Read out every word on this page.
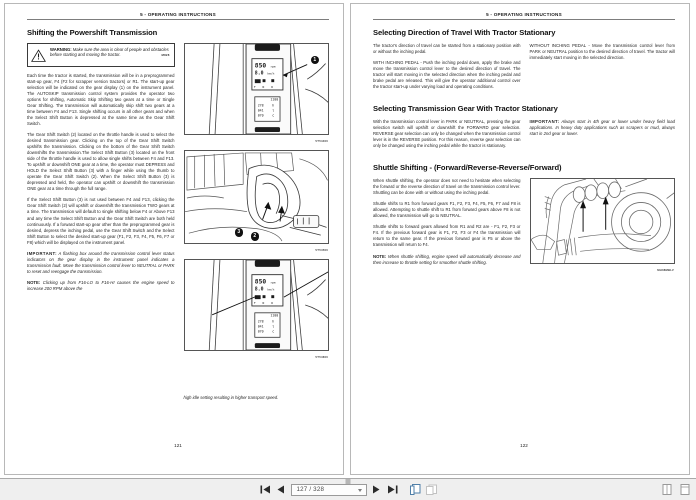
5 - OPERATING INSTRUCTIONS
Shifting the Powershift Transmission
WARNING: Make sure the area is clear of people and obstacles before starting and moving the tractor.	M828

Each time the tractor is started, the transmission will be in a preprogrammed start-up gear, F4 (F2 for scrapper version tractors) or R1. The start-up gear selection will be indicated on the gear display (1) on the instrument panel. The AUTOSKIP transmission control system provides the operator two options for shifting, Automatic Skip Shifting two gears at a time or Single Gear Shifting. The transmission will automatically skip shift two gears at a time between F4 and F13. Single shifting occurs in all other gears and when the Select Shift Button is depressed at the same time as the Gear Shift Switch.

The Gear Shift Switch (2) located on the throttle handle is used to select the desired transmission gear. Clicking on the top of the Gear Shift Switch upshifts the transmission. Clicking on the bottom of the Gear Shift Switch downshifts the transmission.The Select Shift Button (3) located on the front side of the throttle handle is used to allow single shifts between F4 and F13. To upshift or downshift ONE gear at a time, the operator must DEPRESS and HOLD the Select Shift Button (3) with a finger while using the thumb to operate the Gear Shift Switch (2). When the Select Shift Button (3) is depressed and held, the operator can upshift or downshift the transmission ONE gear at a time through the full range.

If the Select Shift Button (3) is not used between F4 and F13, clicking the Gear Shift Switch (2) will upshift or downshift the transmission TWO gears at a time. The transmission will default to single shifting below F4 or Above F13 and any time the Select Shift Button and the Gear Shift Switch are both held continuously. If a forward start-up gear other than the preprogrammed gear is desired, depress the inching pedal, use the Gear Shift Switch and the Select Shift Button to select the desired start-up gear (F1, F2, F3, F4, F5, F6, F7 or F8) which will be displayed on the instrument panel.

IMPORTANT: A flashing box around the transmission control lever status indicators on the gear display in the instrument panel indicates a transmission fault. Move the transmission control lever to NEUTRAL or PARK to reset and reengage the transmission.

NOTE: Clicking up from F16-LO to F16-HI causes the engine speed to increase 200 RPM above the

850 rpm
8.0 km/h
F N R
1100
278	h
041	l
070	c
1
VT54400
3
2
VT54500
850 rpm
8.0 km/h
F N R
1100
278	h
041	l
070	c
VT54600

high idle setting resulting in higher transport speed.

121
5 - OPERATING INSTRUCTIONS
Selecting Direction of Travel With Tractor Stationary

The tractor's direction of travel can be started from a stationary position with or without the inching pedal.

WITH INCHING PEDAL - Push the inching pedal down, apply the brake and move the transmission control lever to the desired direction of travel. The tractor will start moving in the selected direction when the inching pedal and brake pedal are released. This will give the operator additional control over the tractor start-up under varying load and operating conditions.

WITHOUT INCHING PEDAL - Move the transmission control lever from PARK or NEUTRAL position to the desired direction of travel. The tractor will immediately start moving in the selected direction.

Selecting Transmission Gear With Tractor Stationary

With the transmission control lever in PARK or NEUTRAL, pressing the gear selection switch will upshift or downshift the FORWARD gear selection. REVERSE gear selection can only be changed when the transmission control lever is in the REVERSE position. For this reason, reverse gear selection can only be changed using the inching pedal while the tractor is stationary.

IMPORTANT: Always start in 4th gear or lower under heavy field load applications. In heavy duty applications such as scrapers or mud, always start in 2nd gear or lower.

Shuttle Shifting - (Forward/Reverse-Reverse/Forward)

When shuttle shifting, the operator does not need to hesitate when selecting the forward or the reverse direction of travel on the transmission control lever. Shuttling can be done with or without using the inching pedal.

Shuttle shifts to R1 from forward gears F1, F2, F3, F4, F5, F6, F7 and F8 is allowed. Attempting to shuttle shift to R1 from forward gears above F8 is not allowed, the transmission will go to NEUTRAL.

Shuttle shifts to forward gears allowed from R1 and R2 are - F1, F2, F3 or F4. If the previous forward gear is F1, F2, F3 or F4 the transmission will return to the same gear. If the previous forward gear is F5 or above the transmission will return to F4.

NOTE: When shuttle shifting, engine speed will automatically decrease and then increase to throttle setting for smoother shuttle shifting.

MH08MBLV
122
127 / 328
